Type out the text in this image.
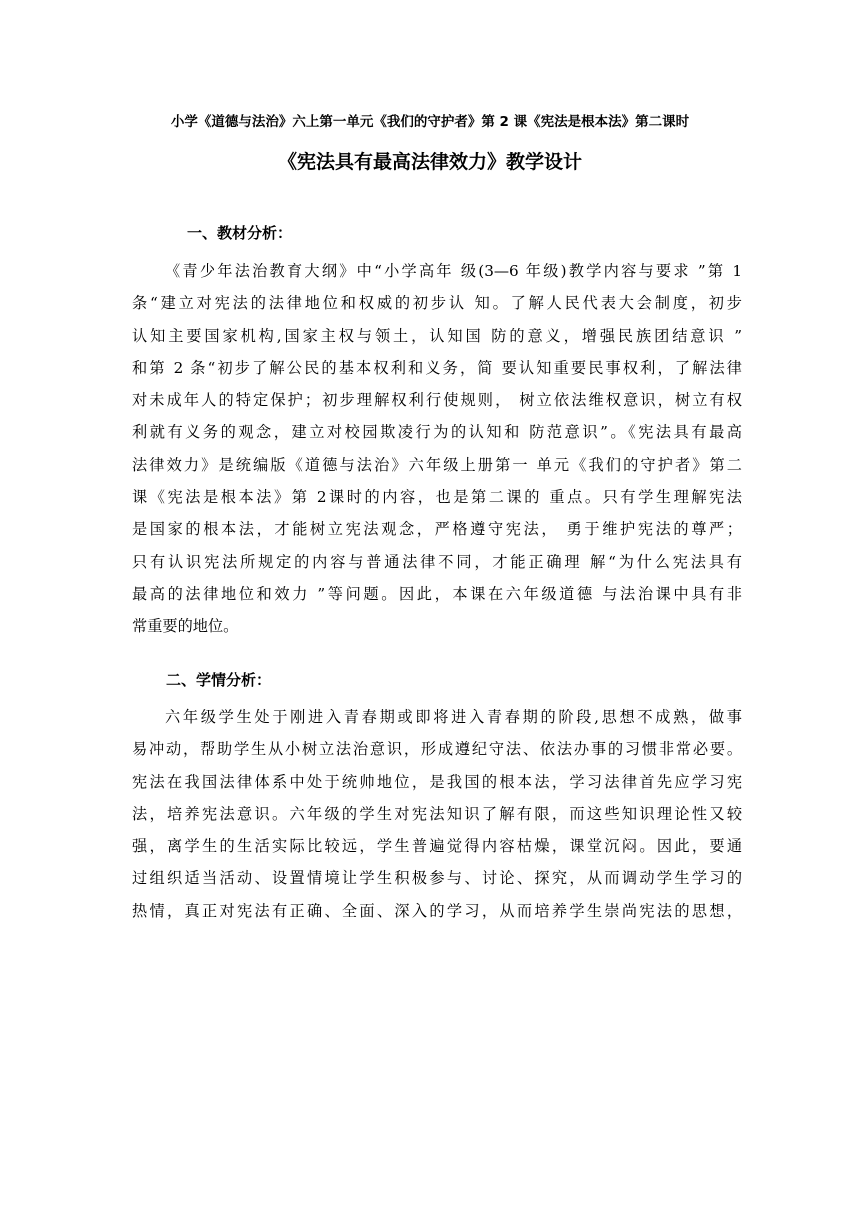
小学《道德与法治》六上第一单元《我们的守护者》第 2 课《宪法是根本法》第二课时
《宪法具有最高法律效力》教学设计
一、教材分析：
《青少年法治教育大纲》中“小学高年 级(3—6 年级)教学内容与要求 ”第 1
条“建立对宪法的法律地位和权威的初步认 知。了解人民代表大会制度，初步
认知主要国家机构,国家主权与领土，认知国 防的意义，增强民族团结意识 ”
和第 2 条“初步了解公民的基本权利和义务，简 要认知重要民事权利，了解法律
对未成年人的特定保护；初步理解权利行使规则， 树立依法维权意识，树立有权
利就有义务的观念，建立对校园欺凌行为的认知和 防范意识”。《宪法具有最高
法律效力》是统编版《道德与法治》六年级上册第一 单元《我们的守护者》第二
课《宪法是根本法》第 2课时的内容，也是第二课的 重点。只有学生理解宪法
是国家的根本法，才能树立宪法观念，严格遵守宪法， 勇于维护宪法的尊严；
只有认识宪法所规定的内容与普通法律不同，才能正确理 解“为什么宪法具有
最高的法律地位和效力 ”等问题。因此，本课在六年级道德 与法治课中具有非
常重要的地位。
二、学情分析：
六年级学生处于刚进入青春期或即将进入青春期的阶段,思想不成熟，做事
易冲动，帮助学生从小树立法治意识，形成遵纪守法、依法办事的习惯非常必要。
宪法在我国法律体系中处于统帅地位，是我国的根本法，学习法律首先应学习宪
法，培养宪法意识。六年级的学生对宪法知识了解有限，而这些知识理论性又较
强，离学生的生活实际比较远，学生普遍觉得内容枯燥，课堂沉闷。因此，要通
过组织适当活动、设置情境让学生积极参与、讨论、探究，从而调动学生学习的
热情，真正对宪法有正确、全面、深入的学习，从而培养学生崇尚宪法的思想，
